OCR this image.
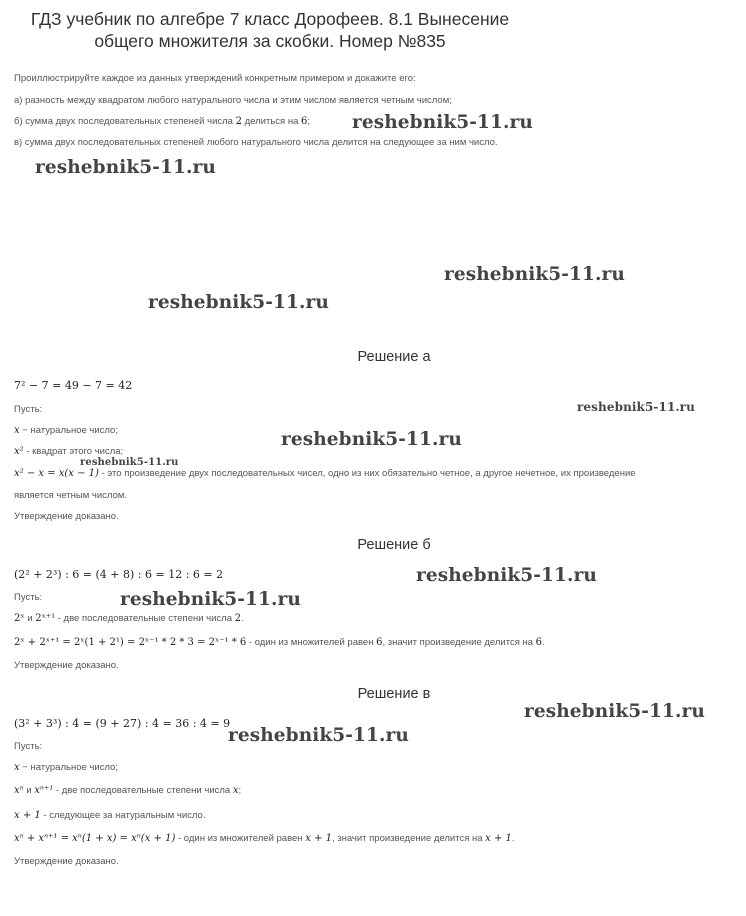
ГДЗ учебник по алгебре 7 класс Дорофеев. 8.1 Вынесение
общего множителя за скобки. Номер №835
Проиллюстрируйте каждое из данных утверждений конкретным примером и докажите его:
а) разность между квадратом любого натурального числа и этим числом является четным числом;
б) сумма двух последовательных степеней числа 2 делиться на 6;
в) сумма двух последовательных степеней любого натурального числа делится на следующее за ним число.
Решение а
7² − 7 = 49 − 7 = 42
Пусть:
x − натуральное число;
x² - квадрат этого числа;
x² − x = x(x − 1) - это произведение двух последовательных чисел, одно из них обязательно четное, а другое нечетное, их произведение
является четным числом.
Утверждение доказано.
Решение б
(2² + 2³) : 6 = (4 + 8) : 6 = 12 : 6 = 2
Пусть:
2ˣ и 2ˣ⁺¹ - две последовательные степени числа 2.
2ˣ + 2ˣ⁺¹ = 2ˣ(1 + 2¹) = 2ˣ⁻¹ * 2 * 3 = 2ˣ⁻¹ * 6 - один из множителей равен 6, значит произведение делится на 6.
Утверждение доказано.
Решение в
(3² + 3³) : 4 = (9 + 27) : 4 = 36 : 4 = 9
Пусть:
x − натуральное число;
xⁿ и xⁿ⁺¹ - две последовательные степени числа x;
x + 1 - следующее за натуральным число.
xⁿ + xⁿ⁺¹ = xⁿ(1 + x) = xⁿ(x + 1) - один из множителей равен x + 1, значит произведение делится на x + 1.
Утверждение доказано.
reshebnik5-11.ru
reshebnik5-11.ru
reshebnik5-11.ru
reshebnik5-11.ru
reshebnik5-11.ru
reshebnik5-11.ru
reshebnik5-11.ru
reshebnik5-11.ru
reshebnik5-11.ru
reshebnik5-11.ru
reshebnik5-11.ru
